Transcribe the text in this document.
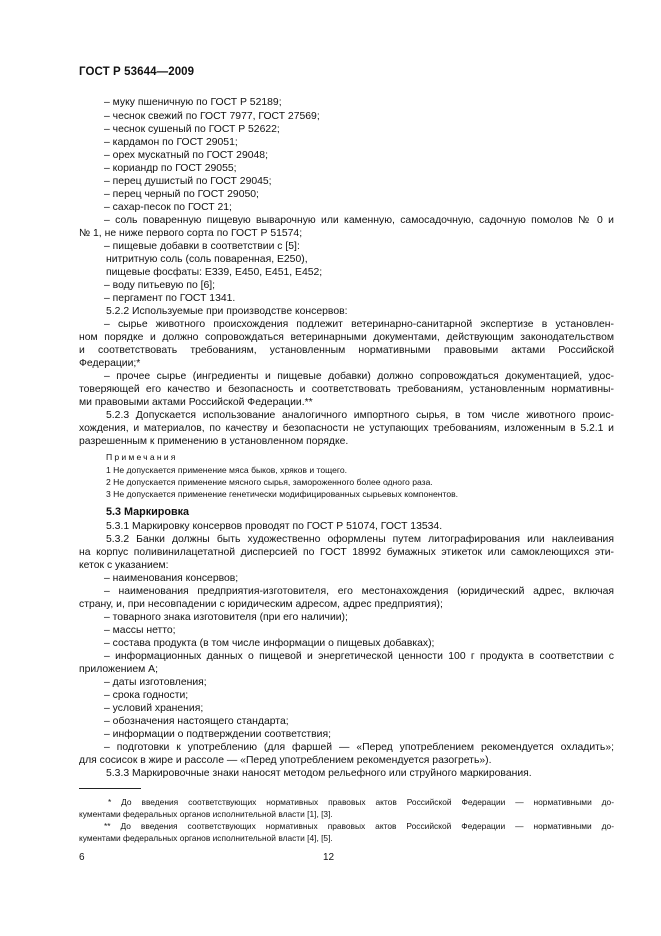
ГОСТ Р 53644—2009
– муку пшеничную по ГОСТ Р 52189;
– чеснок свежий по ГОСТ 7977, ГОСТ 27569;
– чеснок сушеный по ГОСТ Р 52622;
– кардамон по ГОСТ 29051;
– орех мускатный по ГОСТ 29048;
– кориандр по ГОСТ 29055;
– перец душистый по ГОСТ 29045;
– перец черный по ГОСТ 29050;
– сахар-песок по ГОСТ 21;
– соль поваренную пищевую выварочную или каменную, самосадочную, садочную помолов № 0 и
№ 1, не ниже первого сорта по ГОСТ Р 51574;
– пищевые добавки в соответствии с [5]:
нитритную соль (соль поваренная, Е250),
пищевые фосфаты: Е339, Е450, Е451, Е452;
– воду питьевую по [6];
– пергамент по ГОСТ 1341.
5.2.2 Используемые при производстве консервов:
– сырье животного происхождения подлежит ветеринарно-санитарной экспертизе в установлен-
ном порядке и должно сопровождаться ветеринарными документами, действующим законодательством
и соответствовать требованиям, установленным нормативными правовыми актами Российской
Федерации;*
– прочее сырье (ингредиенты и пищевые добавки) должно сопровождаться документацией, удос-
товеряющей его качество и безопасность и соответствовать требованиям, установленным нормативны-
ми правовыми актами Российской Федерации.**
5.2.3 Допускается использование аналогичного импортного сырья, в том числе животного проис-
хождения, и материалов, по качеству и безопасности не уступающих требованиям, изложенным в 5.2.1 и
разрешенным к применению в установленном порядке.
Примечания
1 Не допускается применение мяса быков, хряков и тощего.
2 Не допускается применение мясного сырья, замороженного более одного раза.
3 Не допускается применение генетически модифицированных сырьевых компонентов.
5.3 Маркировка
5.3.1 Маркировку консервов проводят по ГОСТ Р 51074, ГОСТ 13534.
5.3.2 Банки должны быть художественно оформлены путем литографирования или наклеивания
на корпус поливинилацетатной дисперсией по ГОСТ 18992 бумажных этикеток или самоклеющихся эти-
кеток с указанием:
– наименования консервов;
– наименования предприятия-изготовителя, его местонахождения (юридический адрес, включая
страну, и, при несовпадении с юридическим адресом, адрес предприятия);
– товарного знака изготовителя (при его наличии);
– массы нетто;
– состава продукта (в том числе информации о пищевых добавках);
– информационных данных о пищевой и энергетической ценности 100 г продукта в соответствии с
приложением А;
– даты изготовления;
– срока годности;
– условий хранения;
– обозначения настоящего стандарта;
– информации о подтверждении соответствия;
– подготовки к употреблению (для фаршей — «Перед употреблением рекомендуется охладить»;
для сосисок в жире и рассоле — «Перед употреблением рекомендуется разогреть»).
5.3.3 Маркировочные знаки наносят методом рельефного или струйного маркирования.
* До введения соответствующих нормативных правовых актов Российской Федерации — нормативными до-
кументами федеральных органов исполнительной власти [1], [3].
** До введения соответствующих нормативных правовых актов Российской Федерации — нормативными до-
кументами федеральных органов исполнительной власти [4], [5].
6	12
